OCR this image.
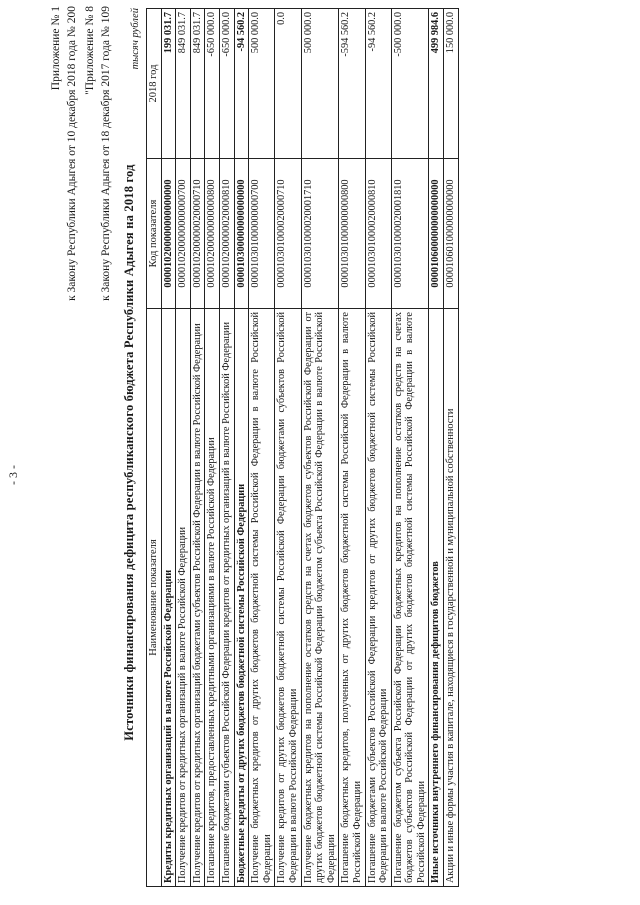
- 3 -
Приложение № 1 к Закону Республики Адыгея от 10 декабря 2018 года № 200 "Приложение № 8 к Закону Республики Адыгея от 18 декабря 2017 года № 109
Источники финансирования дефицита республиканского бюджета Республики Адыгея на 2018 год
тысяч рублей
Наименование показателя	Код показателя	2018 год
Кредиты кредитных организаций в валюте Российской Федерации	000010200000000000000	199 031.7
Получение кредитов от кредитных организаций в валюте Российской Федерации	000010200000000000700	849 031.7
Получение кредитов от кредитных организаций бюджетами субъектов Российской Федерации в валюте Российской Федерации	000010200000020000710	849 031.7
Погашение кредитов, предоставленных кредитными организациями в валюте Российской Федерации	000010200000000000800	-650 000.0
Погашение бюджетами субъектов Российской Федерации кредитов от кредитных организаций в валюте Российской Федерации	000010200000020000810	-650 000.0
Бюджетные кредиты от других бюджетов бюджетной системы Российской Федерации	000010300000000000000	-94 560.2
Получение бюджетных кредитов от других бюджетов бюджетной системы Российской Федерации в валюте Российской Федерации	000010301000000000700	500 000.0
Получение кредитов от других бюджетов бюджетной системы Российской Федерации бюджетами субъектов Российской Федерации в валюте Российской Федерации	000010301000020000710	0.0
Получение бюджетных кредитов на пополнение остатков средств на счетах бюджетов субъектов Российской Федерации от других бюджетов бюджетной системы Российской Федерации бюджетом субъекта Российской Федерации в валюте Российской Федерации	000010301000020001710	500 000.0
Погашение бюджетных кредитов, полученных от других бюджетов бюджетной системы Российской Федерации в валюте Российской Федерации	000010301000000000800	-594 560.2
Погашение бюджетами субъектов Российской Федерации кредитов от других бюджетов бюджетной системы Российской Федерации в валюте Российской Федерации	000010301000020000810	-94 560.2
Погашение бюджетом субъекта Российской Федерации бюджетных кредитов на пополнение остатков средств на счетах бюджетов субъектов Российской Федерации от других бюджетов бюджетной системы Российской Федерации в валюте Российской Федерации	000010301000020001810	-500 000.0
Иные источники внутреннего финансирования дефицитов бюджетов	000010600000000000000	499 984.6
Акции и иные формы участия в капитале, находящиеся в государственной и муниципальной собственности	000010601000000000000	150 000.0
